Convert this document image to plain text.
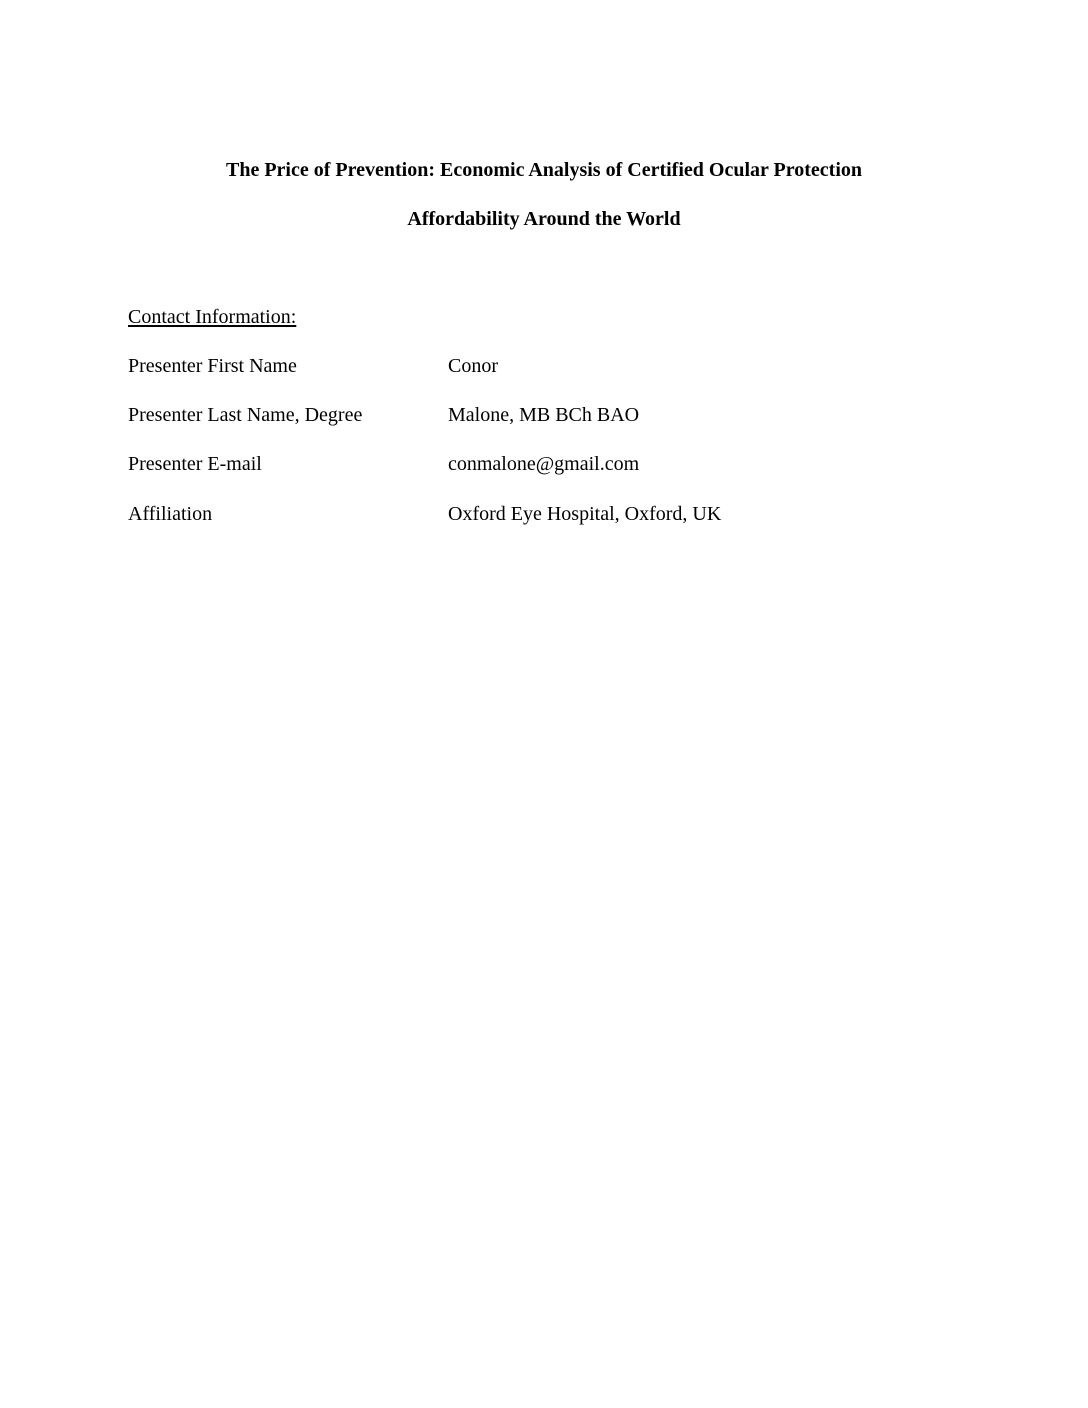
The Price of Prevention: Economic Analysis of Certified Ocular Protection
Affordability Around the World
Contact Information:
Presenter First Name	Conor
Presenter Last Name, Degree	Malone, MB BCh BAO
Presenter E-mail	conmalone@gmail.com
Affiliation	Oxford Eye Hospital, Oxford, UK
